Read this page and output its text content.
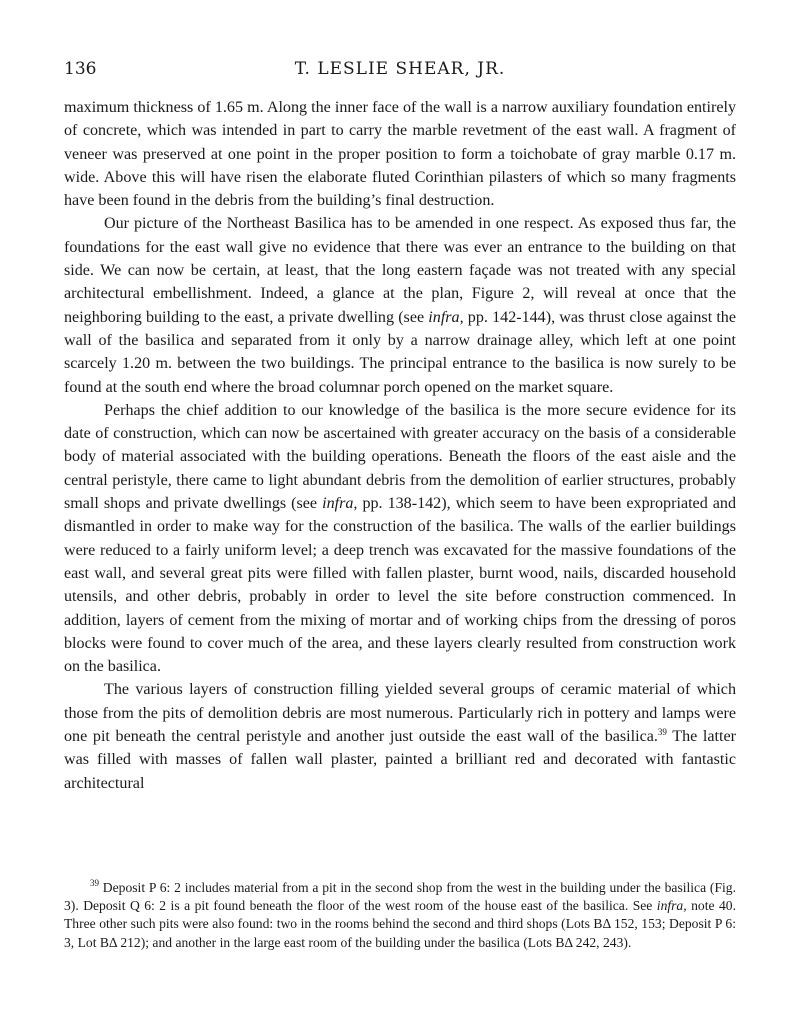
136	T. LESLIE SHEAR, JR.

maximum thickness of 1.65 m. Along the inner face of the wall is a narrow auxiliary foundation entirely of concrete, which was intended in part to carry the marble revetment of the east wall. A fragment of veneer was preserved at one point in the proper position to form a toichobate of gray marble 0.17 m. wide. Above this will have risen the elaborate fluted Corinthian pilasters of which so many fragments have been found in the debris from the building’s final destruction.

Our picture of the Northeast Basilica has to be amended in one respect. As exposed thus far, the foundations for the east wall give no evidence that there was ever an entrance to the building on that side. We can now be certain, at least, that the long eastern façade was not treated with any special architectural embellishment. Indeed, a glance at the plan, Figure 2, will reveal at once that the neighboring building to the east, a private dwelling (see infra, pp. 142-144), was thrust close against the wall of the basilica and separated from it only by a narrow drainage alley, which left at one point scarcely 1.20 m. between the two buildings. The principal entrance to the basilica is now surely to be found at the south end where the broad columnar porch opened on the market square.

Perhaps the chief addition to our knowledge of the basilica is the more secure evidence for its date of construction, which can now be ascertained with greater accuracy on the basis of a considerable body of material associated with the building operations. Beneath the floors of the east aisle and the central peristyle, there came to light abundant debris from the demolition of earlier structures, probably small shops and private dwellings (see infra, pp. 138-142), which seem to have been expropriated and dismantled in order to make way for the construction of the basilica. The walls of the earlier buildings were reduced to a fairly uniform level; a deep trench was excavated for the massive foundations of the east wall, and several great pits were filled with fallen plaster, burnt wood, nails, discarded household utensils, and other debris, probably in order to level the site before construction commenced. In addition, layers of cement from the mixing of mortar and of working chips from the dressing of poros blocks were found to cover much of the area, and these layers clearly resulted from construction work on the basilica.

The various layers of construction filling yielded several groups of ceramic material of which those from the pits of demolition debris are most numerous. Particularly rich in pottery and lamps were one pit beneath the central peristyle and another just outside the east wall of the basilica.$^{39}$ The latter was filled with masses of fallen wall plaster, painted a brilliant red and decorated with fantastic architectural

$^{39}$ Deposit P 6: 2 includes material from a pit in the second shop from the west in the building under the basilica (Fig. 3). Deposit Q 6: 2 is a pit found beneath the floor of the west room of the house east of the basilica. See infra, note 40. Three other such pits were also found: two in the rooms behind the second and third shops (Lots BΔ 152, 153; Deposit P 6: 3, Lot BΔ 212); and another in the large east room of the building under the basilica (Lots BΔ 242, 243).
